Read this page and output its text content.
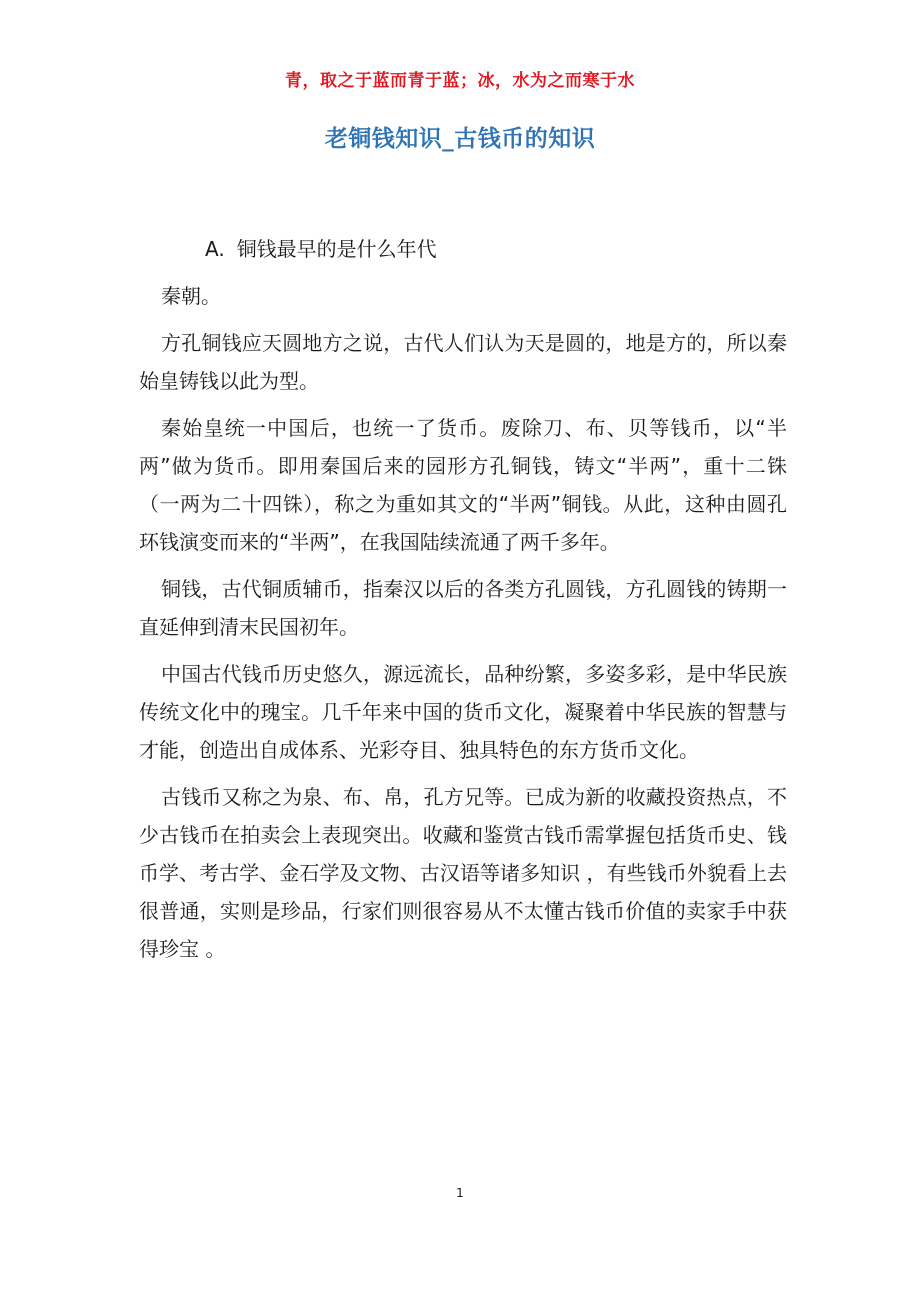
青，取之于蓝而青于蓝；冰，水为之而寒于水
老铜钱知识_古钱币的知识
A. 铜钱最早的是什么年代

秦朝。

方孔铜钱应天圆地方之说，古代人们认为天是圆的，地是方的，所以秦始皇铸钱以此为型。

秦始皇统一中国后，也统一了货币。废除刀、布、贝等钱币，以“半两”做为货币。即用秦国后来的园形方孔铜钱，铸文“半两”，重十二铢（一两为二十四铢），称之为重如其文的“半两”铜钱。从此，这种由圆孔环钱演变而来的“半两”，在我国陆续流通了两千多年。

铜钱，古代铜质辅币，指秦汉以后的各类方孔圆钱，方孔圆钱的铸期一直延伸到清末民国初年。

中国古代钱币历史悠久，源远流长，品种纷繁，多姿多彩，是中华民族传统文化中的瑰宝。几千年来中国的货币文化，凝聚着中华民族的智慧与才能，创造出自成体系、光彩夺目、独具特色的东方货币文化。

古钱币又称之为泉、布、帛，孔方兄等。已成为新的收藏投资热点，不少古钱币在拍卖会上表现突出。收藏和鉴赏古钱币需掌握包括货币史、钱币学、考古学、金石学及文物、古汉语等诸多知识 ，有些钱币外貌看上去很普通，实则是珍品，行家们则很容易从不太懂古钱币价值的卖家手中获得珍宝 。

1
